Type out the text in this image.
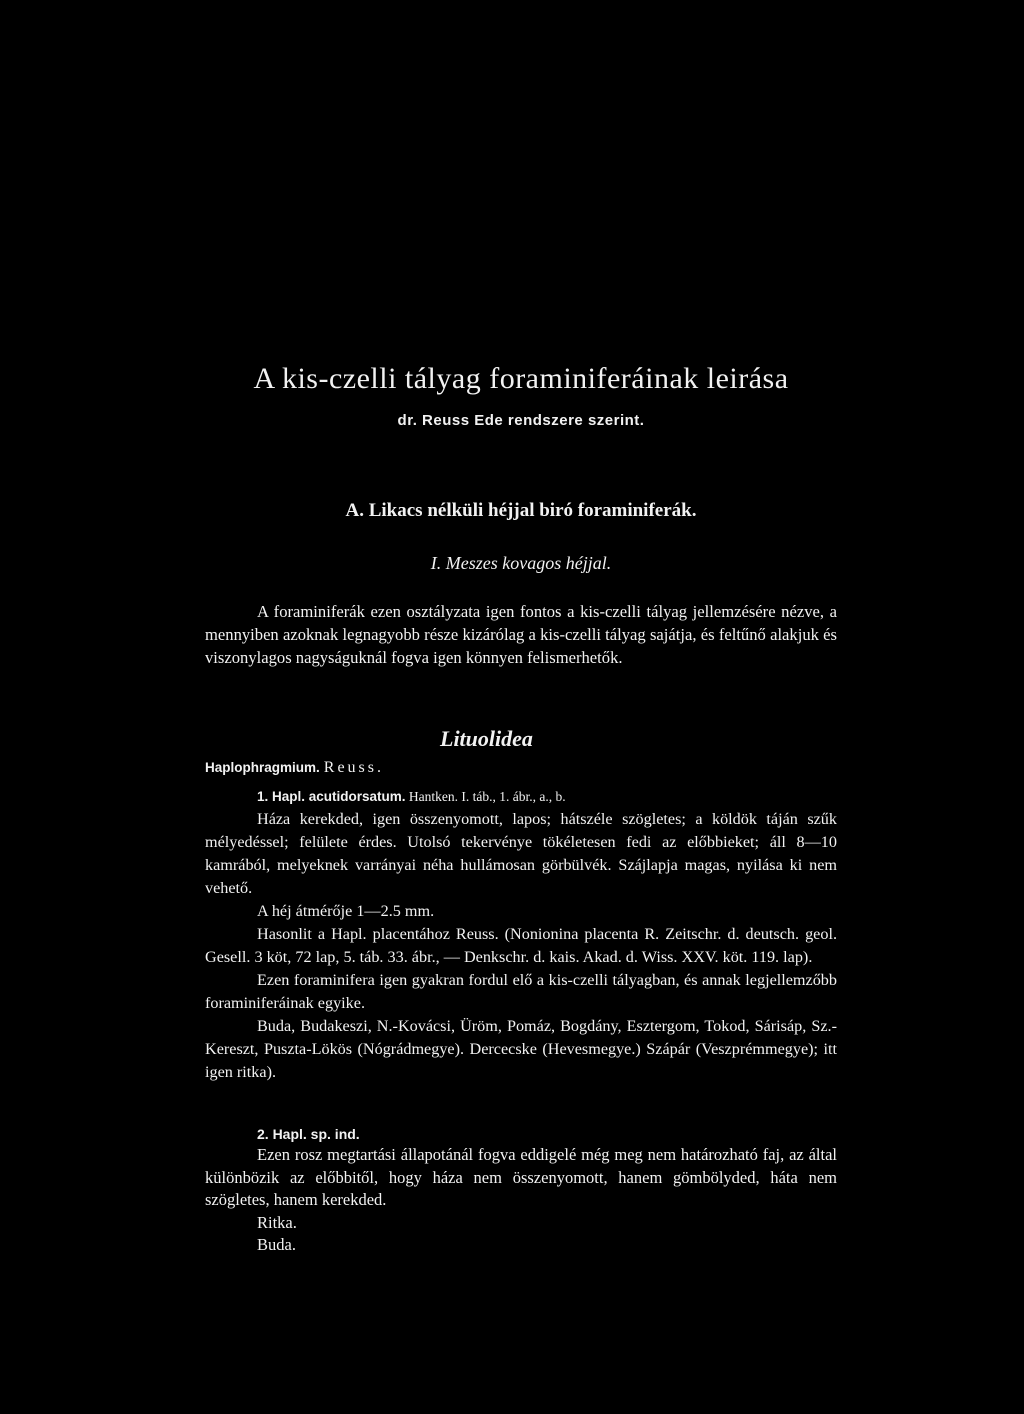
A kis-czelli tályag foraminiferáinak leirása
dr. Reuss Ede rendszere szerint.
A. Likacs nélküli héjjal biró foraminiferák.
I. Meszes kovagos héjjal.
A foraminiferák ezen osztályzata igen fontos a kis-czelli tályag jellemzésére nézve, a mennyiben azoknak legnagyobb része kizárólag a kis-czelli tályag sajátja, és feltűnő alakjuk és viszonylagos nagyságuknál fogva igen könnyen felismerhetők.
Lituolidea
Haplophragmium. Reuss.
1. Hapl. acutidorsatum. Hantken. I. táb., 1. ábr., a., b.

Háza kerekded, igen összenyomott, lapos; hátszéle szögletes; a köldök táján szűk mélyedéssel; felülete érdes. Utolsó tekervénye tökéletesen fedi az előbbieket; áll 8—10 kamrából, melyeknek varrányai néha hullámosan görbülvék. Szájlapja magas, nyilása ki nem vehető.

A héj átmérője 1—2.5 mm.

Hasonlit a Hapl. placentához Reuss. (Nonionina placenta R. Zeitschr. d. deutsch. geol. Gesell. 3 köt, 72 lap, 5. táb. 33. ábr., — Denkschr. d. kais. Akad. d. Wiss. XXV. köt. 119. lap).

Ezen foraminifera igen gyakran fordul elő a kis-czelli tályagban, és annak legjellemzőbb foraminiferáinak egyike.

Buda, Budakeszi, N.-Kovácsi, Üröm, Pomáz, Bogdány, Esztergom, Tokod, Sárisáp, Sz.-Kereszt, Puszta-Lökös (Nógrádmegye). Dercecske (Hevesmegye.) Szápár (Veszprémmegye); itt igen ritka).

2. Hapl. sp. ind.

Ezen rosz megtartási állapotánál fogva eddigelé még meg nem határozható faj, az által különbözik az előbbitől, hogy háza nem összenyomott, hanem gömbölyded, háta nem szögletes, hanem kerekded.

Ritka.

Buda.
